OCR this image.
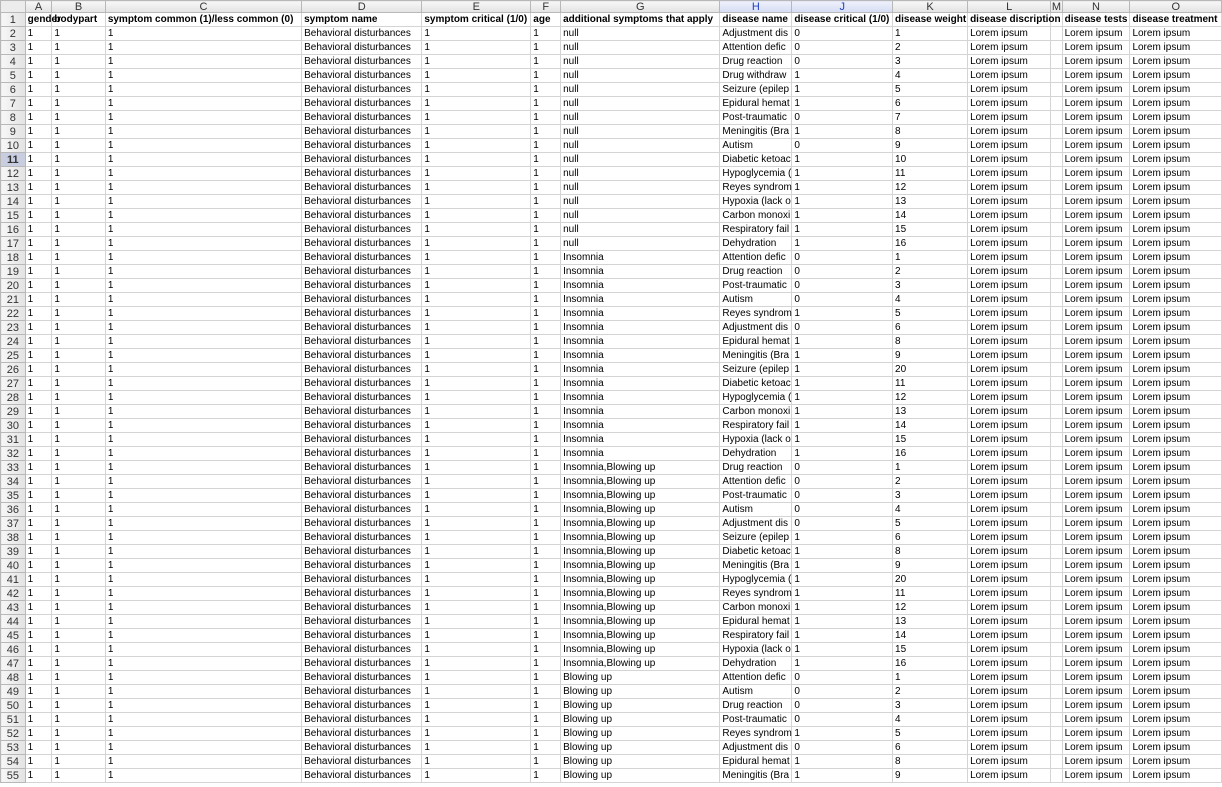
	A	B	C	D	E	F	G	H	J	K	L	M	N	O
1	gender	bodypart	symptom common (1)/less common (0)	symptom name	symptom critical (1/0)	age	additional symptoms that apply	disease name	disease critical (1/0)	disease weight	disease discription		disease tests	disease treatment
2	1	1	1	Behavioral disturbances	1	1	null	Adjustment dis	0	1	Lorem ipsum		Lorem ipsum	Lorem ipsum
3	1	1	1	Behavioral disturbances	1	1	null	Attention defic	0	2	Lorem ipsum		Lorem ipsum	Lorem ipsum
4	1	1	1	Behavioral disturbances	1	1	null	Drug reaction	0	3	Lorem ipsum		Lorem ipsum	Lorem ipsum
5	1	1	1	Behavioral disturbances	1	1	null	Drug withdraw	1	4	Lorem ipsum		Lorem ipsum	Lorem ipsum
6	1	1	1	Behavioral disturbances	1	1	null	Seizure (epilep	1	5	Lorem ipsum		Lorem ipsum	Lorem ipsum
7	1	1	1	Behavioral disturbances	1	1	null	Epidural hemat	1	6	Lorem ipsum		Lorem ipsum	Lorem ipsum
8	1	1	1	Behavioral disturbances	1	1	null	Post-traumatic	0	7	Lorem ipsum		Lorem ipsum	Lorem ipsum
9	1	1	1	Behavioral disturbances	1	1	null	Meningitis (Bra	1	8	Lorem ipsum		Lorem ipsum	Lorem ipsum
10	1	1	1	Behavioral disturbances	1	1	null	Autism	0	9	Lorem ipsum		Lorem ipsum	Lorem ipsum
11	1	1	1	Behavioral disturbances	1	1	null	Diabetic ketoac	1	10	Lorem ipsum		Lorem ipsum	Lorem ipsum
12	1	1	1	Behavioral disturbances	1	1	null	Hypoglycemia (	1	11	Lorem ipsum		Lorem ipsum	Lorem ipsum
13	1	1	1	Behavioral disturbances	1	1	null	Reyes syndrom	1	12	Lorem ipsum		Lorem ipsum	Lorem ipsum
14	1	1	1	Behavioral disturbances	1	1	null	Hypoxia (lack o	1	13	Lorem ipsum		Lorem ipsum	Lorem ipsum
15	1	1	1	Behavioral disturbances	1	1	null	Carbon monoxi	1	14	Lorem ipsum		Lorem ipsum	Lorem ipsum
16	1	1	1	Behavioral disturbances	1	1	null	Respiratory fail	1	15	Lorem ipsum		Lorem ipsum	Lorem ipsum
17	1	1	1	Behavioral disturbances	1	1	null	Dehydration	1	16	Lorem ipsum		Lorem ipsum	Lorem ipsum
18	1	1	1	Behavioral disturbances	1	1	Insomnia	Attention defic	0	1	Lorem ipsum		Lorem ipsum	Lorem ipsum
19	1	1	1	Behavioral disturbances	1	1	Insomnia	Drug reaction	0	2	Lorem ipsum		Lorem ipsum	Lorem ipsum
20	1	1	1	Behavioral disturbances	1	1	Insomnia	Post-traumatic	0	3	Lorem ipsum		Lorem ipsum	Lorem ipsum
21	1	1	1	Behavioral disturbances	1	1	Insomnia	Autism	0	4	Lorem ipsum		Lorem ipsum	Lorem ipsum
22	1	1	1	Behavioral disturbances	1	1	Insomnia	Reyes syndrom	1	5	Lorem ipsum		Lorem ipsum	Lorem ipsum
23	1	1	1	Behavioral disturbances	1	1	Insomnia	Adjustment dis	0	6	Lorem ipsum		Lorem ipsum	Lorem ipsum
24	1	1	1	Behavioral disturbances	1	1	Insomnia	Epidural hemat	1	8	Lorem ipsum		Lorem ipsum	Lorem ipsum
25	1	1	1	Behavioral disturbances	1	1	Insomnia	Meningitis (Bra	1	9	Lorem ipsum		Lorem ipsum	Lorem ipsum
26	1	1	1	Behavioral disturbances	1	1	Insomnia	Seizure (epilep	1	20	Lorem ipsum		Lorem ipsum	Lorem ipsum
27	1	1	1	Behavioral disturbances	1	1	Insomnia	Diabetic ketoac	1	11	Lorem ipsum		Lorem ipsum	Lorem ipsum
28	1	1	1	Behavioral disturbances	1	1	Insomnia	Hypoglycemia (	1	12	Lorem ipsum		Lorem ipsum	Lorem ipsum
29	1	1	1	Behavioral disturbances	1	1	Insomnia	Carbon monoxi	1	13	Lorem ipsum		Lorem ipsum	Lorem ipsum
30	1	1	1	Behavioral disturbances	1	1	Insomnia	Respiratory fail	1	14	Lorem ipsum		Lorem ipsum	Lorem ipsum
31	1	1	1	Behavioral disturbances	1	1	Insomnia	Hypoxia (lack o	1	15	Lorem ipsum		Lorem ipsum	Lorem ipsum
32	1	1	1	Behavioral disturbances	1	1	Insomnia	Dehydration	1	16	Lorem ipsum		Lorem ipsum	Lorem ipsum
33	1	1	1	Behavioral disturbances	1	1	Insomnia,Blowing up	Drug reaction	0	1	Lorem ipsum		Lorem ipsum	Lorem ipsum
34	1	1	1	Behavioral disturbances	1	1	Insomnia,Blowing up	Attention defic	0	2	Lorem ipsum		Lorem ipsum	Lorem ipsum
35	1	1	1	Behavioral disturbances	1	1	Insomnia,Blowing up	Post-traumatic	0	3	Lorem ipsum		Lorem ipsum	Lorem ipsum
36	1	1	1	Behavioral disturbances	1	1	Insomnia,Blowing up	Autism	0	4	Lorem ipsum		Lorem ipsum	Lorem ipsum
37	1	1	1	Behavioral disturbances	1	1	Insomnia,Blowing up	Adjustment dis	0	5	Lorem ipsum		Lorem ipsum	Lorem ipsum
38	1	1	1	Behavioral disturbances	1	1	Insomnia,Blowing up	Seizure (epilep	1	6	Lorem ipsum		Lorem ipsum	Lorem ipsum
39	1	1	1	Behavioral disturbances	1	1	Insomnia,Blowing up	Diabetic ketoac	1	8	Lorem ipsum		Lorem ipsum	Lorem ipsum
40	1	1	1	Behavioral disturbances	1	1	Insomnia,Blowing up	Meningitis (Bra	1	9	Lorem ipsum		Lorem ipsum	Lorem ipsum
41	1	1	1	Behavioral disturbances	1	1	Insomnia,Blowing up	Hypoglycemia (	1	20	Lorem ipsum		Lorem ipsum	Lorem ipsum
42	1	1	1	Behavioral disturbances	1	1	Insomnia,Blowing up	Reyes syndrom	1	11	Lorem ipsum		Lorem ipsum	Lorem ipsum
43	1	1	1	Behavioral disturbances	1	1	Insomnia,Blowing up	Carbon monoxi	1	12	Lorem ipsum		Lorem ipsum	Lorem ipsum
44	1	1	1	Behavioral disturbances	1	1	Insomnia,Blowing up	Epidural hemat	1	13	Lorem ipsum		Lorem ipsum	Lorem ipsum
45	1	1	1	Behavioral disturbances	1	1	Insomnia,Blowing up	Respiratory fail	1	14	Lorem ipsum		Lorem ipsum	Lorem ipsum
46	1	1	1	Behavioral disturbances	1	1	Insomnia,Blowing up	Hypoxia (lack o	1	15	Lorem ipsum		Lorem ipsum	Lorem ipsum
47	1	1	1	Behavioral disturbances	1	1	Insomnia,Blowing up	Dehydration	1	16	Lorem ipsum		Lorem ipsum	Lorem ipsum
48	1	1	1	Behavioral disturbances	1	1	Blowing up	Attention defic	0	1	Lorem ipsum		Lorem ipsum	Lorem ipsum
49	1	1	1	Behavioral disturbances	1	1	Blowing up	Autism	0	2	Lorem ipsum		Lorem ipsum	Lorem ipsum
50	1	1	1	Behavioral disturbances	1	1	Blowing up	Drug reaction	0	3	Lorem ipsum		Lorem ipsum	Lorem ipsum
51	1	1	1	Behavioral disturbances	1	1	Blowing up	Post-traumatic	0	4	Lorem ipsum		Lorem ipsum	Lorem ipsum
52	1	1	1	Behavioral disturbances	1	1	Blowing up	Reyes syndrom	1	5	Lorem ipsum		Lorem ipsum	Lorem ipsum
53	1	1	1	Behavioral disturbances	1	1	Blowing up	Adjustment dis	0	6	Lorem ipsum		Lorem ipsum	Lorem ipsum
54	1	1	1	Behavioral disturbances	1	1	Blowing up	Epidural hemat	1	8	Lorem ipsum		Lorem ipsum	Lorem ipsum
55	1	1	1	Behavioral disturbances	1	1	Blowing up	Meningitis (Bra	1	9	Lorem ipsum		Lorem ipsum	Lorem ipsum
